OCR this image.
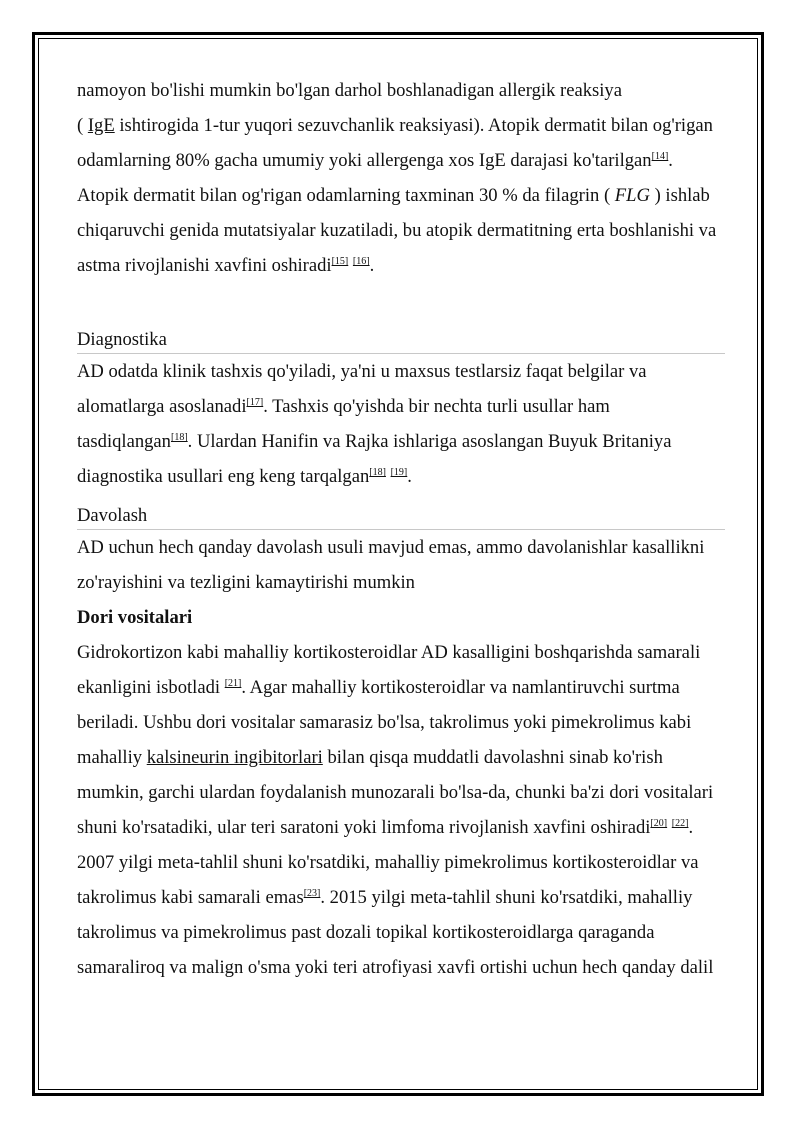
namoyon bo'lishi mumkin bo'lgan darhol boshlanadigan allergik reaksiya
( IgE ishtirogida 1-tur yuqori sezuvchanlik reaksiyasi). Atopik dermatit bilan og'rigan odamlarning 80% gacha umumiy yoki allergenga xos IgE darajasi ko'tarilgan[14].

Atopik dermatit bilan og'rigan odamlarning taxminan 30 % da filagrin ( FLG ) ishlab chiqaruvchi genida mutatsiyalar kuzatiladi, bu atopik dermatitning erta boshlanishi va astma rivojlanishi xavfini oshiradi[15] [16].

Diagnostika

AD odatda klinik tashxis qo'yiladi, ya'ni u maxsus testlarsiz faqat belgilar va alomatlarga asoslanadi[17]. Tashxis qo'yishda bir nechta turli usullar ham tasdiqlangan[18]. Ulardan Hanifin va Rajka ishlariga asoslangan Buyuk Britaniya diagnostika usullari eng keng tarqalgan[18] [19].

Davolash

AD uchun hech qanday davolash usuli mavjud emas, ammo davolanishlar kasallikni zo'rayishini va tezligini kamaytirishi mumkin

Dori vositalari

Gidrokortizon kabi mahalliy kortikosteroidlar AD kasalligini boshqarishda samarali ekanligini isbotladi [21]. Agar mahalliy kortikosteroidlar va namlantiruvchi surtma beriladi. Ushbu dori vositalar samarasiz bo'lsa, takrolimus yoki pimekrolimus kabi mahalliy kalsineurin ingibitorlari bilan qisqa muddatli davolashni sinab ko'rish mumkin, garchi ulardan foydalanish munozarali bo'lsa-da, chunki ba'zi dori vositalari shuni ko'rsatadiki, ular teri saratoni yoki limfoma rivojlanish xavfini oshiradi[20] [22]. 2007 yilgi meta-tahlil shuni ko'rsatdiki, mahalliy pimekrolimus kortikosteroidlar va takrolimus kabi samarali emas[23]. 2015 yilgi meta-tahlil shuni ko'rsatdiki, mahalliy takrolimus va pimekrolimus past dozali topikal kortikosteroidlarga qaraganda samaraliroq va malign o'sma yoki teri atrofiyasi xavfi ortishi uchun hech qanday dalil
